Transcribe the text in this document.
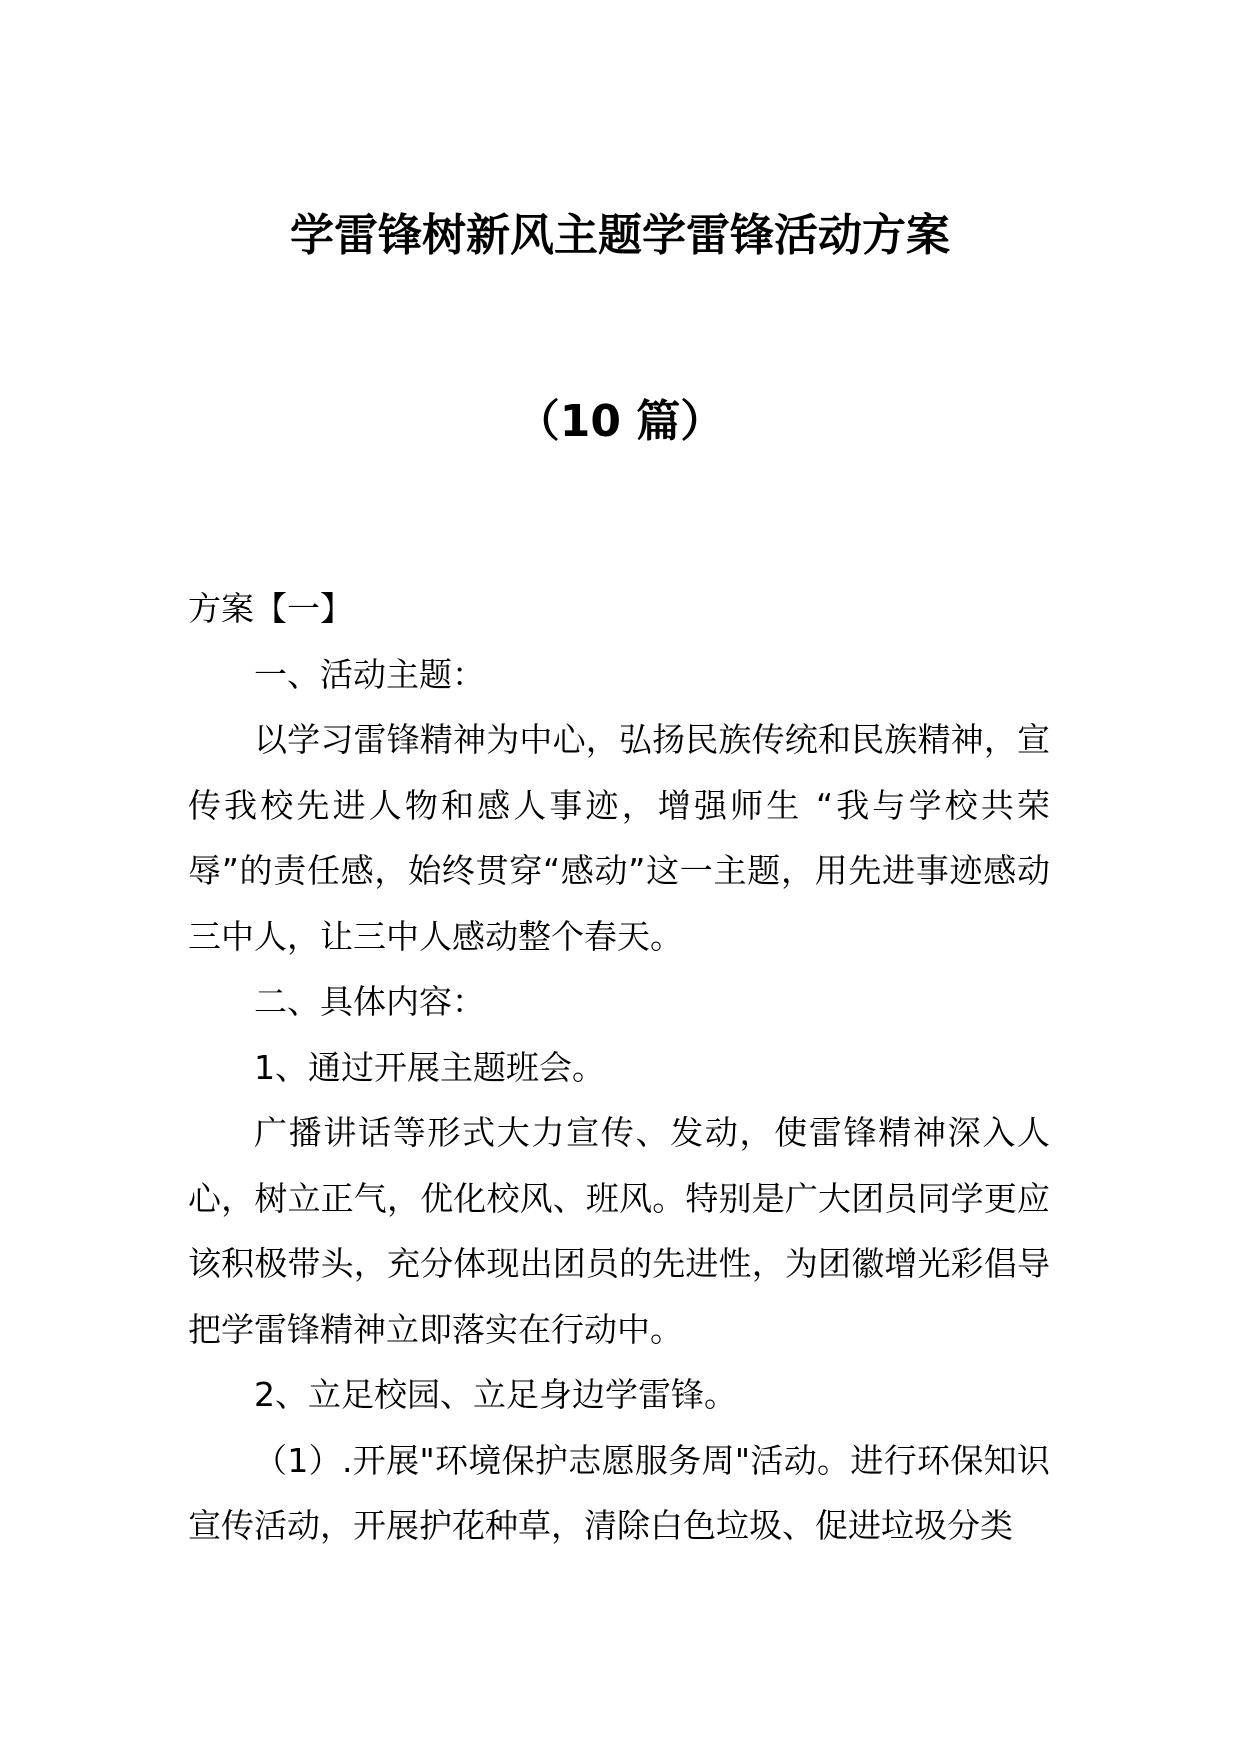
学雷锋树新风主题学雷锋活动方案
（10 篇）

方案【一】

一、活动主题：

以学习雷锋精神为中心，弘扬民族传统和民族精神，宣传我校先进人物和感人事迹，增强师生 “我与学校共荣辱”的责任感，始终贯穿“感动”这一主题，用先进事迹感动三中人，让三中人感动整个春天。

二、具体内容：

1、通过开展主题班会。

广播讲话等形式大力宣传、发动，使雷锋精神深入人心，树立正气，优化校风、班风。特别是广大团员同学更应该积极带头，充分体现出团员的先进性，为团徽增光彩倡导把学雷锋精神立即落实在行动中。

2、立足校园、立足身边学雷锋。

（1）.开展"环境保护志愿服务周"活动。进行环保知识宣传活动，开展护花种草，清除白色垃圾、促进垃圾分类
